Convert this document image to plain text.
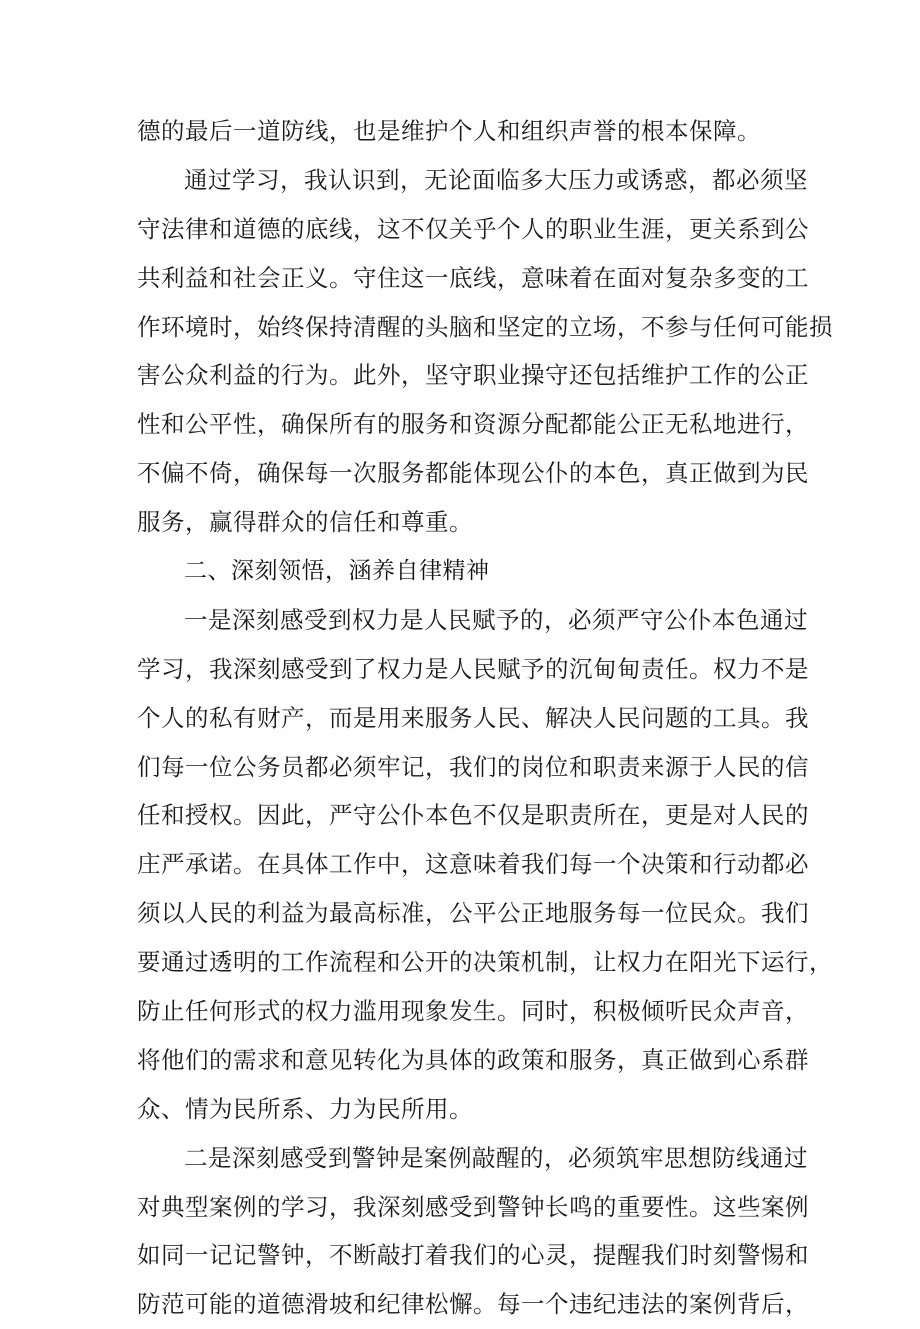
德的最后一道防线，也是维护个人和组织声誉的根本保障。
通过学习，我认识到，无论面临多大压力或诱惑，都必须坚
守法律和道德的底线，这不仅关乎个人的职业生涯，更关系到公
共利益和社会正义。守住这一底线，意味着在面对复杂多变的工
作环境时，始终保持清醒的头脑和坚定的立场，不参与任何可能损
害公众利益的行为。此外，坚守职业操守还包括维护工作的公正
性和公平性，确保所有的服务和资源分配都能公正无私地进行，
不偏不倚，确保每一次服务都能体现公仆的本色，真正做到为民
服务，赢得群众的信任和尊重。
二、深刻领悟，涵养自律精神
一是深刻感受到权力是人民赋予的，必须严守公仆本色通过
学习，我深刻感受到了权力是人民赋予的沉甸甸责任。权力不是
个人的私有财产，而是用来服务人民、解决人民问题的工具。我
们每一位公务员都必须牢记，我们的岗位和职责来源于人民的信
任和授权。因此，严守公仆本色不仅是职责所在，更是对人民的
庄严承诺。在具体工作中，这意味着我们每一个决策和行动都必
须以人民的利益为最高标准，公平公正地服务每一位民众。我们
要通过透明的工作流程和公开的决策机制，让权力在阳光下运行，
防止任何形式的权力滥用现象发生。同时，积极倾听民众声音，
将他们的需求和意见转化为具体的政策和服务，真正做到心系群
众、情为民所系、力为民所用。
二是深刻感受到警钟是案例敲醒的，必须筑牢思想防线通过
对典型案例的学习，我深刻感受到警钟长鸣的重要性。这些案例
如同一记记警钟，不断敲打着我们的心灵，提醒我们时刻警惕和
防范可能的道德滑坡和纪律松懈。每一个违纪违法的案例背后，
